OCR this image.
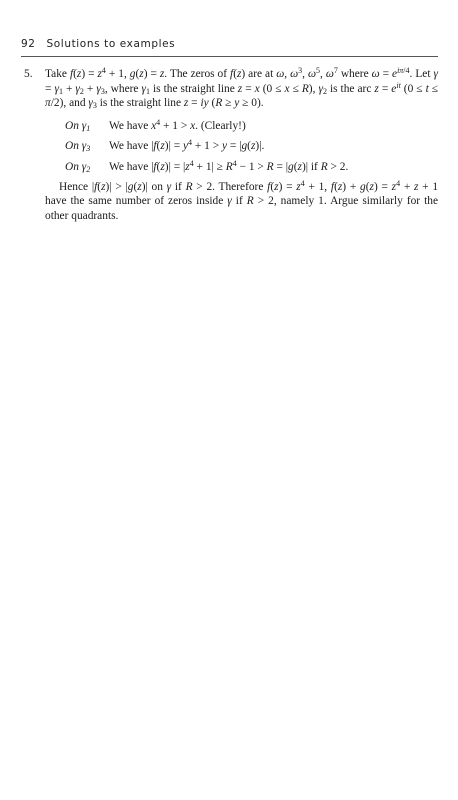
92 Solutions to examples
5. Take $f(z) = z^4 + 1$, g(z) = z. The zeros of f(z) are at ω, $\omega^3$, $\omega^5$, $\omega^7$ where $\omega = e^{i\pi/4}$. Let $\gamma = \gamma_1 + \gamma_2 + \gamma_3$, where $\gamma_1$ is the straight line z = x (0 ≤ x ≤ R), $\gamma_2$ is the arc $z = e^{it}$ (0 ≤ t ≤ π/2), and $\gamma_3$ is the straight line z = iy (R ≥ y ≥ 0).

On $\gamma_1$	We have $x^4 + 1 > x$. (Clearly!)
On $\gamma_3$	We have $|f(z)| = y^4 + 1 > y = |g(z)|$.
On $\gamma_2$	We have $|f(z)| = |z^4 + 1| \ge R^4 - 1 > R = |g(z)|$ if R > 2.

Hence |f(z)| > |g(z)| on γ if R > 2. Therefore $f(z) = z^4 + 1$, $f(z) + g(z) = z^4 + z + 1$ have the same number of zeros inside γ if R > 2, namely 1. Argue similarly for the other quadrants.
